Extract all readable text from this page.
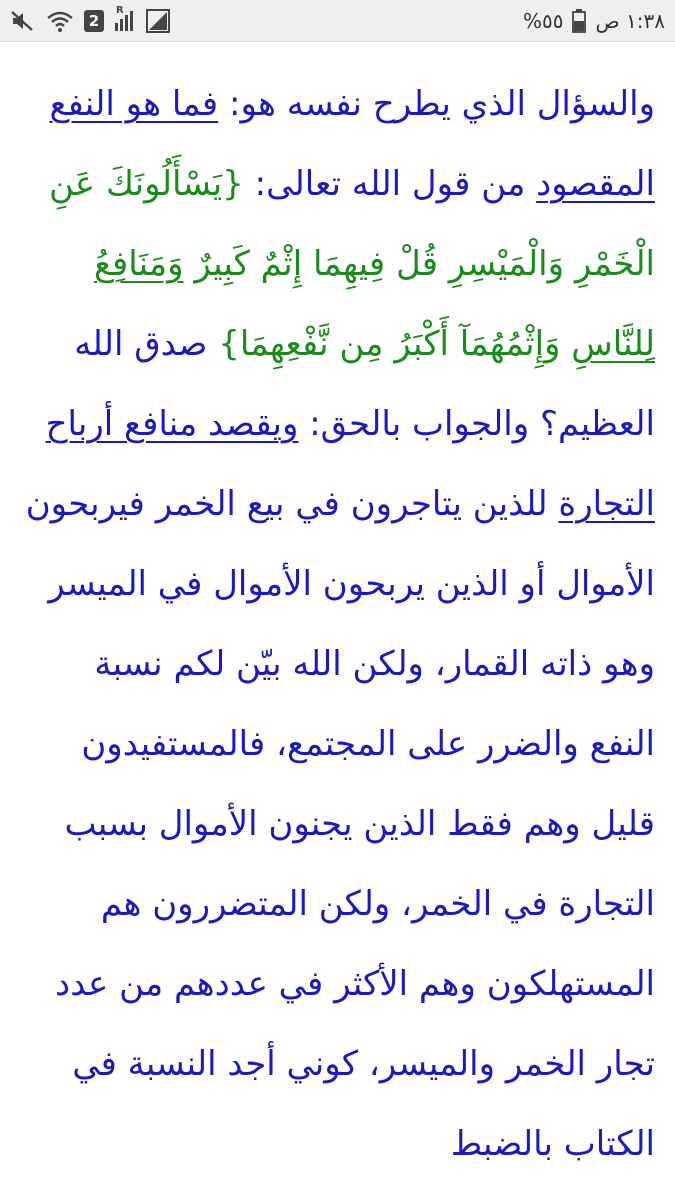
2
R	%٥٥ ١:٣٨ ص

والسؤال الذي يطرح نفسه هو: فما هو النفع المقصود من قول الله تعالى: {يَسْأَلُونَكَ عَنِ الْخَمْرِ وَالْمَيْسِرِ قُلْ فِيهِمَا إِثْمٌ كَبِيرٌ وَمَنَافِعُ لِلنَّاسِ وَإِثْمُهُمَآ أَكْبَرُ مِن نَّفْعِهِمَا} صدق الله العظيم؟ والجواب بالحق: ويقصد منافع أرباح التجارة للذين يتاجرون في بيع الخمر فيربحون الأموال أو الذين يربحون الأموال في الميسر وهو ذاته القمار، ولكن الله بيّن لكم نسبة النفع والضرر على المجتمع، فالمستفيدون قليل وهم فقط الذين يجنون الأموال بسبب التجارة في الخمر، ولكن المتضررون هم المستهلكون وهم الأكثر في عددهم من عدد تجار الخمر والميسر، كوني أجد النسبة في الكتاب بالضبط
